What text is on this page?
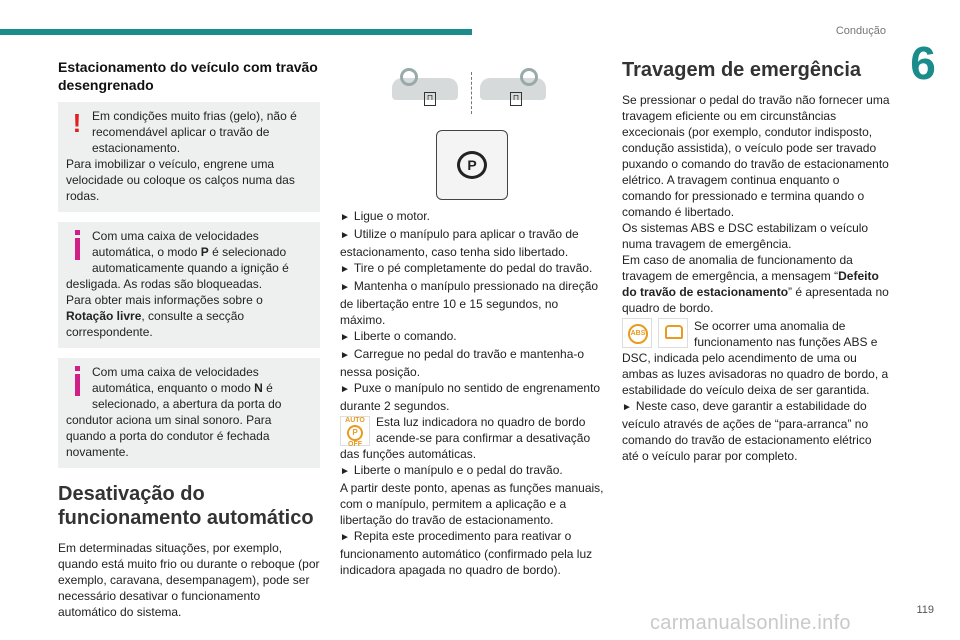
Condução
6
Estacionamento do veículo com travão desengrenado
! Em condições muito frias (gelo), não é recomendável aplicar o travão de estacionamento.

Para imobilizar o veículo, engrene uma velocidade ou coloque os calços numa das rodas.

Com uma caixa de velocidades automática, o modo P é selecionado automaticamente quando a ignição é desligada. As rodas são bloqueadas.

Para obter mais informações sobre o Rotação livre, consulte a secção correspondente.

Com uma caixa de velocidades automática, enquanto o modo N é selecionado, a abertura da porta do condutor aciona um sinal sonoro. Para quando a porta do condutor é fechada novamente.

Desativação do funcionamento automático

Em determinadas situações, por exemplo, quando está muito frio ou durante o reboque (por exemplo, caravana, desempanagem), pode ser necessário desativar o funcionamento automático do sistema.

⊓	⊓
P

► Ligue o motor.

► Utilize o manípulo para aplicar o travão de estacionamento, caso tenha sido libertado.

► Tire o pé completamente do pedal do travão.

► Mantenha o manípulo pressionado na direção de libertação entre 10 e 15 segundos, no máximo.

► Liberte o comando.

► Carregue no pedal do travão e mantenha-o nessa posição.

► Puxe o manípulo no sentido de engrenamento durante 2 segundos.

AUTO
P
OFF

Esta luz indicadora no quadro de bordo acende-se para confirmar a desativação das funções automáticas.

► Liberte o manípulo e o pedal do travão.

A partir deste ponto, apenas as funções manuais, com o manípulo, permitem a aplicação e a libertação do travão de estacionamento.

► Repita este procedimento para reativar o funcionamento automático (confirmado pela luz indicadora apagada no quadro de bordo).

Travagem de emergência

Se pressionar o pedal do travão não fornecer uma travagem eficiente ou em circunstâncias excecionais (por exemplo, condutor indisposto, condução assistida), o veículo pode ser travado puxando o comando do travão de estacionamento elétrico. A travagem continua enquanto o comando for pressionado e termina quando o comando é libertado.

Os sistemas ABS e DSC estabilizam o veículo numa travagem de emergência.

Em caso de anomalia de funcionamento da travagem de emergência, a mensagem “Defeito do travão de estacionamento” é apresentada no quadro de bordo.

ABS

Se ocorrer uma anomalia de funcionamento nas funções ABS e DSC, indicada pelo acendimento de uma ou ambas as luzes avisadoras no quadro de bordo, a estabilidade do veículo deixa de ser garantida.

► Neste caso, deve garantir a estabilidade do veículo através de ações de “para-arranca” no comando do travão de estacionamento elétrico até o veículo parar por completo.

119
carmanualsonline.info
